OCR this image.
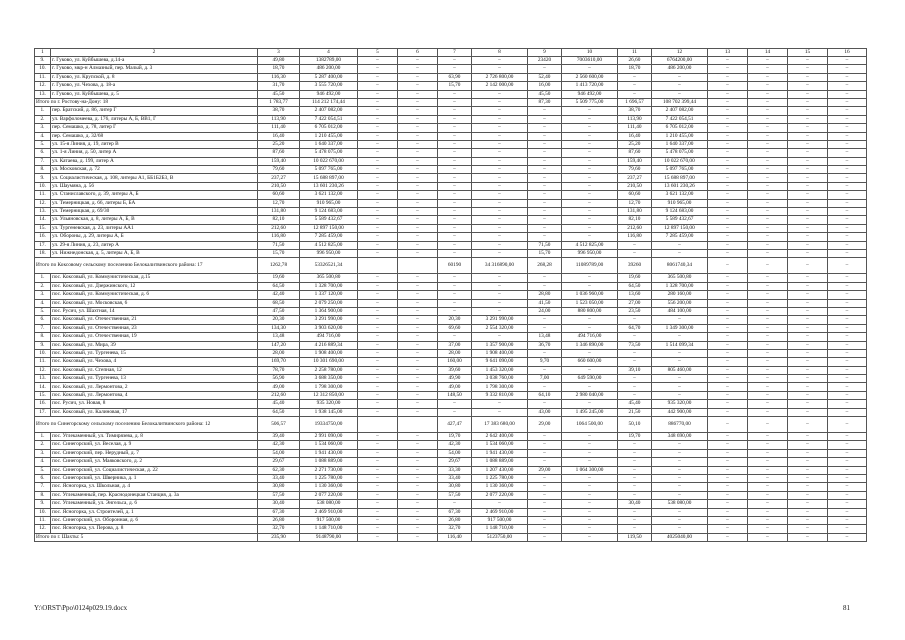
1	2	3	4	5	6	7	8	9	10	11	12	13	14	15	16
9.	г. Гуково, ул. Куйбышева, д.14-а	49,80	1382789,00	–	–	–	–	23420	7003610,00	26,60	6764200,00	–	–	–	–
10.	г. Гуково, мкр-н Алмазный, пер. Малый, д. 3	18,70	486 200,00	–	–	–	–	–	–	18,70	486 200,00	–	–	–	–
11.	г. Гуково, ул. Крупской, д. 8	116,30	5 287 400,00	–	–	63,90	2 726 800,00	52,40	2 560 600,00	–	–	–	–	–	–
12.	г. Гуково, ул. Чехова, д. 18-а	31,70	3 555 720,00	–	–	15,70	2 142 000,00	16,00	1 413 720,00	–	–	–	–	–	–
13.	г. Гуково, ул. Куйбышева, д. 5	45,50	946 492,00	–	–	–	–	45,50	946 492,00	–	–	–	–	–	–
Итого по г. Ростову-на-Дону: 18		1 783,77	114 212 174,44	–	–	–	–	87,30	5 509 775,00	1 696,57	108 702 399,44	–	–	–	–
1.	пер. Братский, д. 86, литер Г	38,70	2 407 082,00	–	–	–	–	–	–	38,70	2 407 082,00	–	–	–	–
2.	ул. Варфоломеева, д. 176, литеры А, Б, ВВ1, Г	113,90	7 422 054,51	–	–	–	–	–	–	113,90	7 422 054,51	–	–	–	–
3.	пер. Семашко, д. 78, литер Г	111,40	6 705 012,00	–	–	–	–	–	–	111,40	6 705 012,00	–	–	–	–
4.	пер. Семашко, д. 32/68	16,40	1 210 455,00	–	–	–	–	–	–	16,40	1 210 455,00	–	–	–	–
5.	ул. 15-я Линия, д. 19, литер В	25,20	1 640 337,00	–	–	–	–	–	–	25,20	1 640 337,00	–	–	–	–
6.	ул. 1-я Линия, д. 50, литер А	87,60	5 478 075,00	–	–	–	–	–	–	87,60	5 478 075,00	–	–	–	–
7.	ул. Катаева, д. 199, литер А	159,40	10 022 670,00	–	–	–	–	–	–	159,40	10 022 670,00	–	–	–	–
8.	ул. Московская, д. 72	79,60	5 097 765,00	–	–	–	–	–	–	79,60	5 097 765,00	–	–	–	–
9.	ул. Социалистическая, д. 108, литеры А1, ББ1Б2Б3, В	237,27	15 688 897,00	–	–	–	–	–	–	237,27	15 688 897,00	–	–	–	–
10.	ул. Шаумяна, д. 56	210,50	13 601 230,26	–	–	–	–	–	–	210,50	13 601 230,26	–	–	–	–
11.	ул. Станиславского, д. 39, литеры А, Б	60,60	3 621 132,00	–	–	–	–	–	–	60,60	3 621 132,00	–	–	–	–
12.	ул. Темерницкая, д. 66, литеры Б, БА	12,70	910 965,00	–	–	–	–	–	–	12,70	910 965,00	–	–	–	–
13.	ул. Темерницкая, д. 69/30	131,80	9 124 683,00	–	–	–	–	–	–	131,80	9 124 683,00	–	–	–	–
14.	ул. Ульяновская, д. 8, литеры А, Б, В	82,10	5 589 432,67	–	–	–	–	–	–	82,10	5 589 432,67	–	–	–	–
15.	ул. Тургеневская, д. 23, литеры АА1	212,60	12 897 150,00	–	–	–	–	–	–	212,60	12 897 150,00	–	–	–	–
16.	ул. Обороны, д. 29, литеры А, Б	116,80	7 285 459,00	–	–	–	–	–	–	116,80	7 285 459,00	–	–	–	–
17.	ул. 29-я Линия, д. 23, литер А	71,50	4 512 825,00	–	–	–	–	71,50	4 512 825,00	–	–	–	–	–	–
18.	ул. Нижнедонская, д. 5, литеры А, Б, В	15,70	996 950,00	–	–	–	–	15,70	996 950,00	–	–	–	–	–	–
Итого по Коксовому сельскому поселению Белокалитвинского района: 17		1262,78	53326521,34			60190	34 316890,00	268,28	11089789,00	39260	8061740,34	–	–	–	–
1.	пос. Коксовый, ул. Коммунистическая, д.15	19,60	365 500,80	–	–	–	–	–	–	19,60	365 500,80	–	–	–	–
2.	пос. Коксовый, ул. Дзержинского, 12	64,50	1 328 700,00	–	–	–	–	–	–	64,50	1 328 700,00	–	–	–	–
3.	пос. Коксовый, ул. Коммунистическая, д. 6	42,40	1 337 120,00	–	–	–	–	28,80	1 036 960,00	13,60	280 160,00	–	–	–	–
4.	пос. Коксовый, ул. Московская, 6	68,50	2 079 250,00	–	–	–	–	41,50	1 523 050,00	27,00	556 200,00	–	–	–	–
5.	пос. Русич, ул. Шахтная, 14	47,50	1 364 900,00	–	–	–	–	24,00	880 800,00	23,50	484 100,00	–	–	–	–
6.	пос. Коксовый, ул. Отечественная, 21	20,30	3 291 990,00	–	–	20,30	3 291 990,00	–	–	–	–	–	–	–	–
7.	пос. Коксовый, ул. Отечественная, 23	134,30	3 903 620,00	–	–	69,60	2 554 320,00	–	–	64,70	1 349 300,00	–	–	–	–
8.	пос. Коксовый, ул. Отечественная, 19	13,48	494 716,00	–	–	–	–	13,48	494 716,00	–	–	–	–	–	–
9.	пос. Коксовый, ул. Мира, 39	147,20	4 216 889,34	–	–	37,00	1 357 900,00	36,70	1 346 890,00	73,50	1 514 099,34	–	–	–	–
10.	пос. Коксовый, ул. Тургенева, 15	28,00	1 908 400,00	–	–	28,00	1 908 400,00	–	–	–	–	–	–	–	–
11.	пос. Коксовый, ул. Чехова, 4	169,70	10 301 690,00	–	–	160,00	9 641 090,00	9,70	660 600,00	–	–	–	–	–	–
12.	пос. Коксовый, ул. Степная, 12	78,70	2 258 780,00	–	–	39,60	1 453 320,00	–	–	39,10	805 460,00	–	–	–	–
13.	пос. Коксовый, ул. Тургенева, 13	56,90	3 688 350,00	–	–	49,90	3 038 760,00	7,00	649 590,00	–	–	–	–	–	–
14.	пос. Коксовый, ул. Лермонтова, 2	49,00	1 798 300,00	–	–	49,00	1 798 300,00	–	–	–	–	–	–	–	–
15.	пос. Коксовый, ул. Лермонтова, 4	212,60	12 312 850,00	–	–	148,50	9 332 810,00	64,10	2 980 040,00	–	–	–	–	–	–
16.	пос. Русич, ул. Новая, 8	45,40	935 320,00	–	–	–	–	–	–	45,40	935 320,00	–	–	–	–
17.	пос. Коксовый, ул. Калиновая, 17	64,50	1 938 145,00	–	–	–	–	43,00	1 495 245,00	21,50	442 900,00	–	–	–	–
Итого по Синегорскому сельскому поселению Белокалитвинского района: 12		506,57	19334750,00			427,47	17 383 680,00	29,00	1064 500,00	50,10	886770,00	–	–	–	–
1.	пос. Углекаменный, ул. Тимирязева, д. 8	39,40	2 991 090,00	–	–	19,70	2 642 400,00	–	–	19,70	348 690,00	–	–	–	–
2.	пос. Синегорский, ул. Веселая, д. 9	42,30	1 534 060,00	–	–	42,30	1 534 060,00	–	–	–	–	–	–	–	–
3.	пос. Синегорский, пер. Нерудный, д. 7	54,00	1 941 430,00	–	–	54,00	1 941 430,00	–	–	–	–	–	–	–	–
4.	пос. Синегорский, ул. Маяковского, д. 2	29,67	1 088 889,00	–	–	29,67	1 088 889,00	–	–	–	–	–	–	–	–
5.	пос. Синегорский, ул. Социалистическая, д. 22	62,30	2 271 730,00	–	–	33,30	1 207 430,00	29,00	1 064 300,00	–	–	–	–	–	–
6.	пос. Синегорский, ул. Шверника, д. 1	33,40	1 225 780,00	–	–	33,40	1 225 780,00	–	–	–	–	–	–	–	–
7.	пос. Ясногорка, ул. Школьная, д. 4	30,80	1 130 360,00	–	–	30,80	1 130 360,00	–	–	–	–	–	–	–	–
8.	пос. Углекаменный, пер. Краснодонецкая Станция, д. 3а	57,50	2 077 220,00	–	–	57,50	2 077 220,00	–	–	–	–	–	–	–	–
9.	пос. Углекаменный, ул. Энгельса, д. 6	30,40	538 080,00	–	–	–	–	–	–	30,40	538 080,00	–	–	–	–
10.	пос. Ясногорка, ул. Строителей, д. 1	67,30	2 469 910,00	–	–	67,30	2 469 910,00	–	–	–	–	–	–	–	–
11.	пос. Синегорский, ул. Оборонная, д. 6	26,80	917 500,00	–	–	26,80	917 500,00	–	–	–	–	–	–	–	–
12.	пос. Ясногорка, ул. Перова, д. 8	32,70	1 148 710,00	–	–	32,70	1 148 710,00	–	–	–	–	–	–	–	–
Итого по г. Шахты: 5		235,90	9148790,00	–	–	116,40	5123750,00	–	–	119,50	4025040,00	–	–	–	–
Y:\ORST\Ppo\0124p029.19.docx	81
